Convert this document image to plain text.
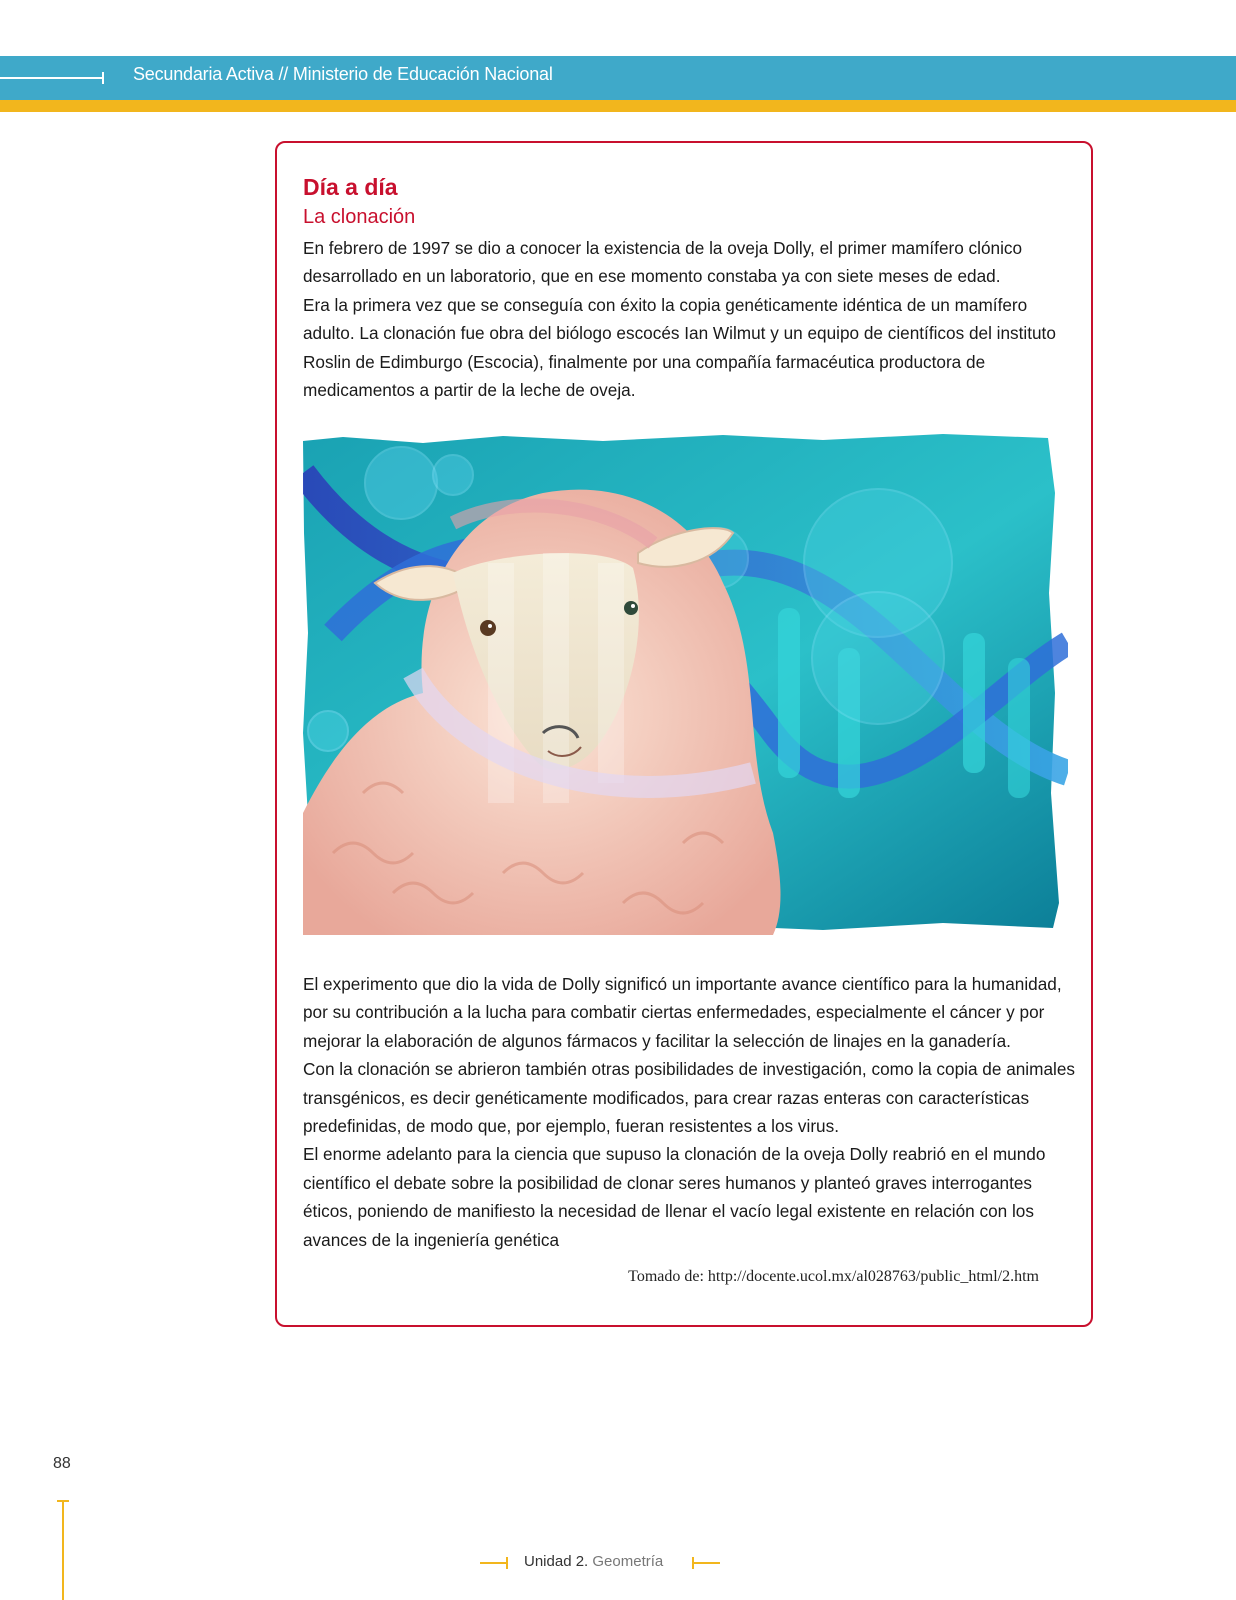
Secundaria Activa // Ministerio de Educación Nacional
Día a día
La clonación

En febrero de 1997 se dio a conocer la existencia de la oveja Dolly, el primer mamífero clónico desarrollado en un laboratorio, que en ese momento constaba ya con siete meses de edad.

Era la primera vez que se conseguía con éxito la copia genéticamente idéntica de un mamífero adulto. La clonación fue obra del biólogo escocés Ian Wilmut y un equipo de científicos del instituto Roslin de Edimburgo (Escocia), finalmente por una compañía farmacéutica productora de medicamentos a partir de la leche de oveja.

El experimento que dio la vida de Dolly significó un importante avance científico para la humanidad, por su contribución a la lucha para combatir ciertas enfermedades, especialmente el cáncer y por mejorar la elaboración de algunos fármacos y facilitar la selección de linajes en la ganadería.

Con la clonación se abrieron también otras posibilidades de investigación, como la copia de animales transgénicos, es decir genéticamente modificados, para crear razas enteras con características predefinidas, de modo que, por ejemplo, fueran resistentes a los virus.

El enorme adelanto para la ciencia que supuso la clonación de la oveja Dolly reabrió en el mundo científico el debate sobre la posibilidad de clonar seres humanos y planteó graves interrogantes éticos, poniendo de manifiesto la necesidad de llenar el vacío legal existente en relación con los avances de la ingeniería genética

Tomado de: http://docente.ucol.mx/al028763/public_html/2.htm
88
Unidad 2. Geometría
